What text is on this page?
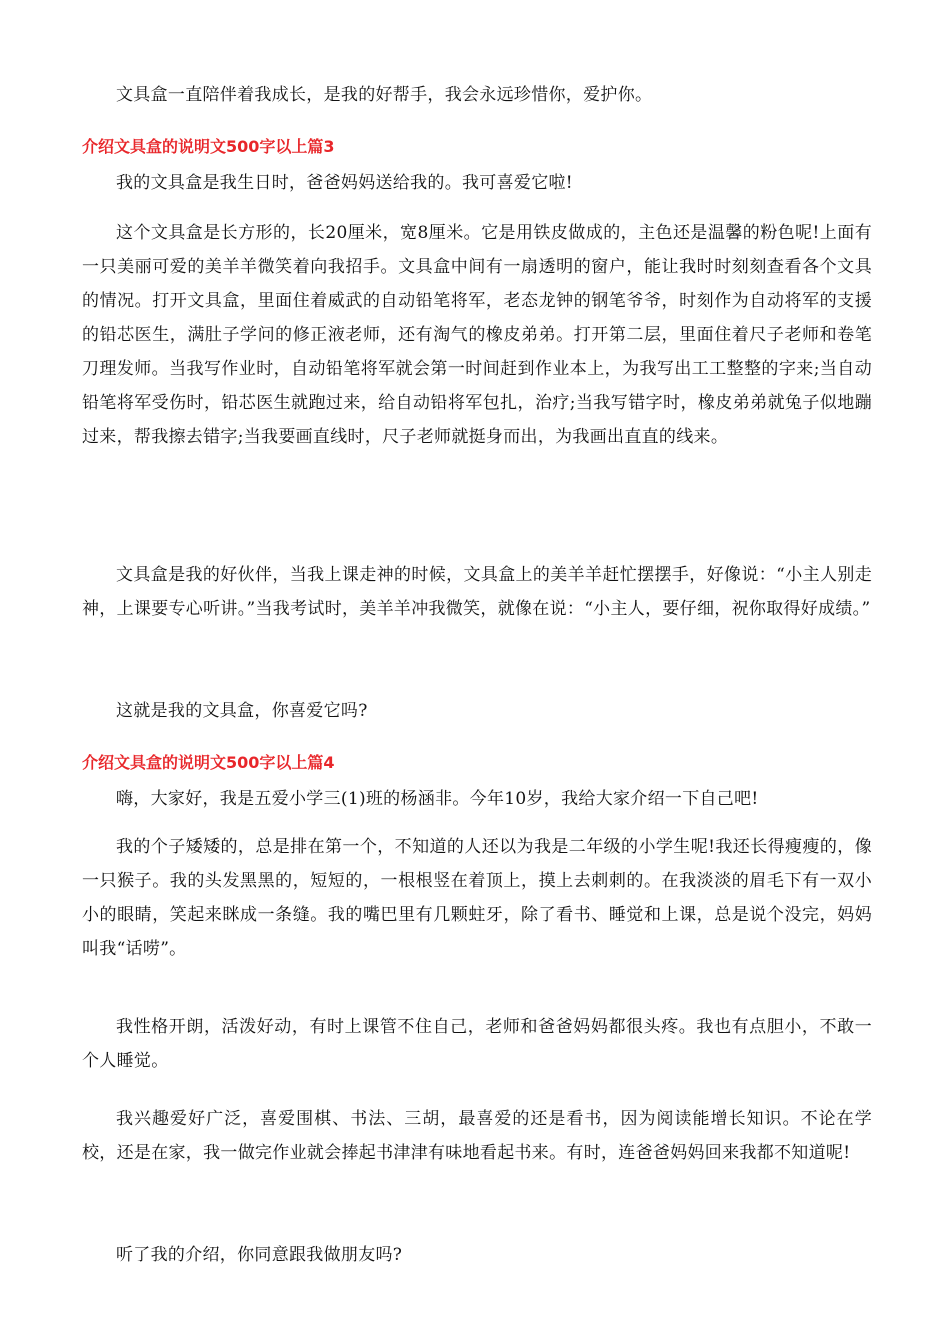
文具盒一直陪伴着我成长，是我的好帮手，我会永远珍惜你，爱护你。

介绍文具盒的说明文500字以上篇3

我的文具盒是我生日时，爸爸妈妈送给我的。我可喜爱它啦!

这个文具盒是长方形的，长20厘米，宽8厘米。它是用铁皮做成的，主色还是温馨的粉色呢!上面有一只美丽可爱的美羊羊微笑着向我招手。文具盒中间有一扇透明的窗户，能让我时时刻刻查看各个文具的情况。打开文具盒，里面住着威武的自动铅笔将军，老态龙钟的钢笔爷爷，时刻作为自动将军的支援的铅芯医生，满肚子学问的修正液老师，还有淘气的橡皮弟弟。打开第二层，里面住着尺子老师和卷笔刀理发师。当我写作业时，自动铅笔将军就会第一时间赶到作业本上，为我写出工工整整的字来;当自动铅笔将军受伤时，铅芯医生就跑过来，给自动铅将军包扎，治疗;当我写错字时，橡皮弟弟就兔子似地蹦过来，帮我擦去错字;当我要画直线时，尺子老师就挺身而出，为我画出直直的线来。

文具盒是我的好伙伴，当我上课走神的时候，文具盒上的美羊羊赶忙摆摆手，好像说：“小主人别走神，上课要专心听讲。”当我考试时，美羊羊冲我微笑，就像在说：“小主人，要仔细，祝你取得好成绩。”

这就是我的文具盒，你喜爱它吗?

介绍文具盒的说明文500字以上篇4

嗨，大家好，我是五爱小学三(1)班的杨涵非。今年10岁，我给大家介绍一下自己吧!

我的个子矮矮的，总是排在第一个，不知道的人还以为我是二年级的小学生呢!我还长得瘦瘦的，像一只猴子。我的头发黑黑的，短短的，一根根竖在着顶上，摸上去刺刺的。在我淡淡的眉毛下有一双小小的眼睛，笑起来眯成一条缝。我的嘴巴里有几颗蛀牙，除了看书、睡觉和上课，总是说个没完，妈妈叫我“话唠”。

我性格开朗，活泼好动，有时上课管不住自己，老师和爸爸妈妈都很头疼。我也有点胆小，不敢一个人睡觉。

我兴趣爱好广泛，喜爱围棋、书法、三胡，最喜爱的还是看书，因为阅读能增长知识。不论在学校，还是在家，我一做完作业就会捧起书津津有味地看起书来。有时，连爸爸妈妈回来我都不知道呢!

听了我的介绍，你同意跟我做朋友吗?
